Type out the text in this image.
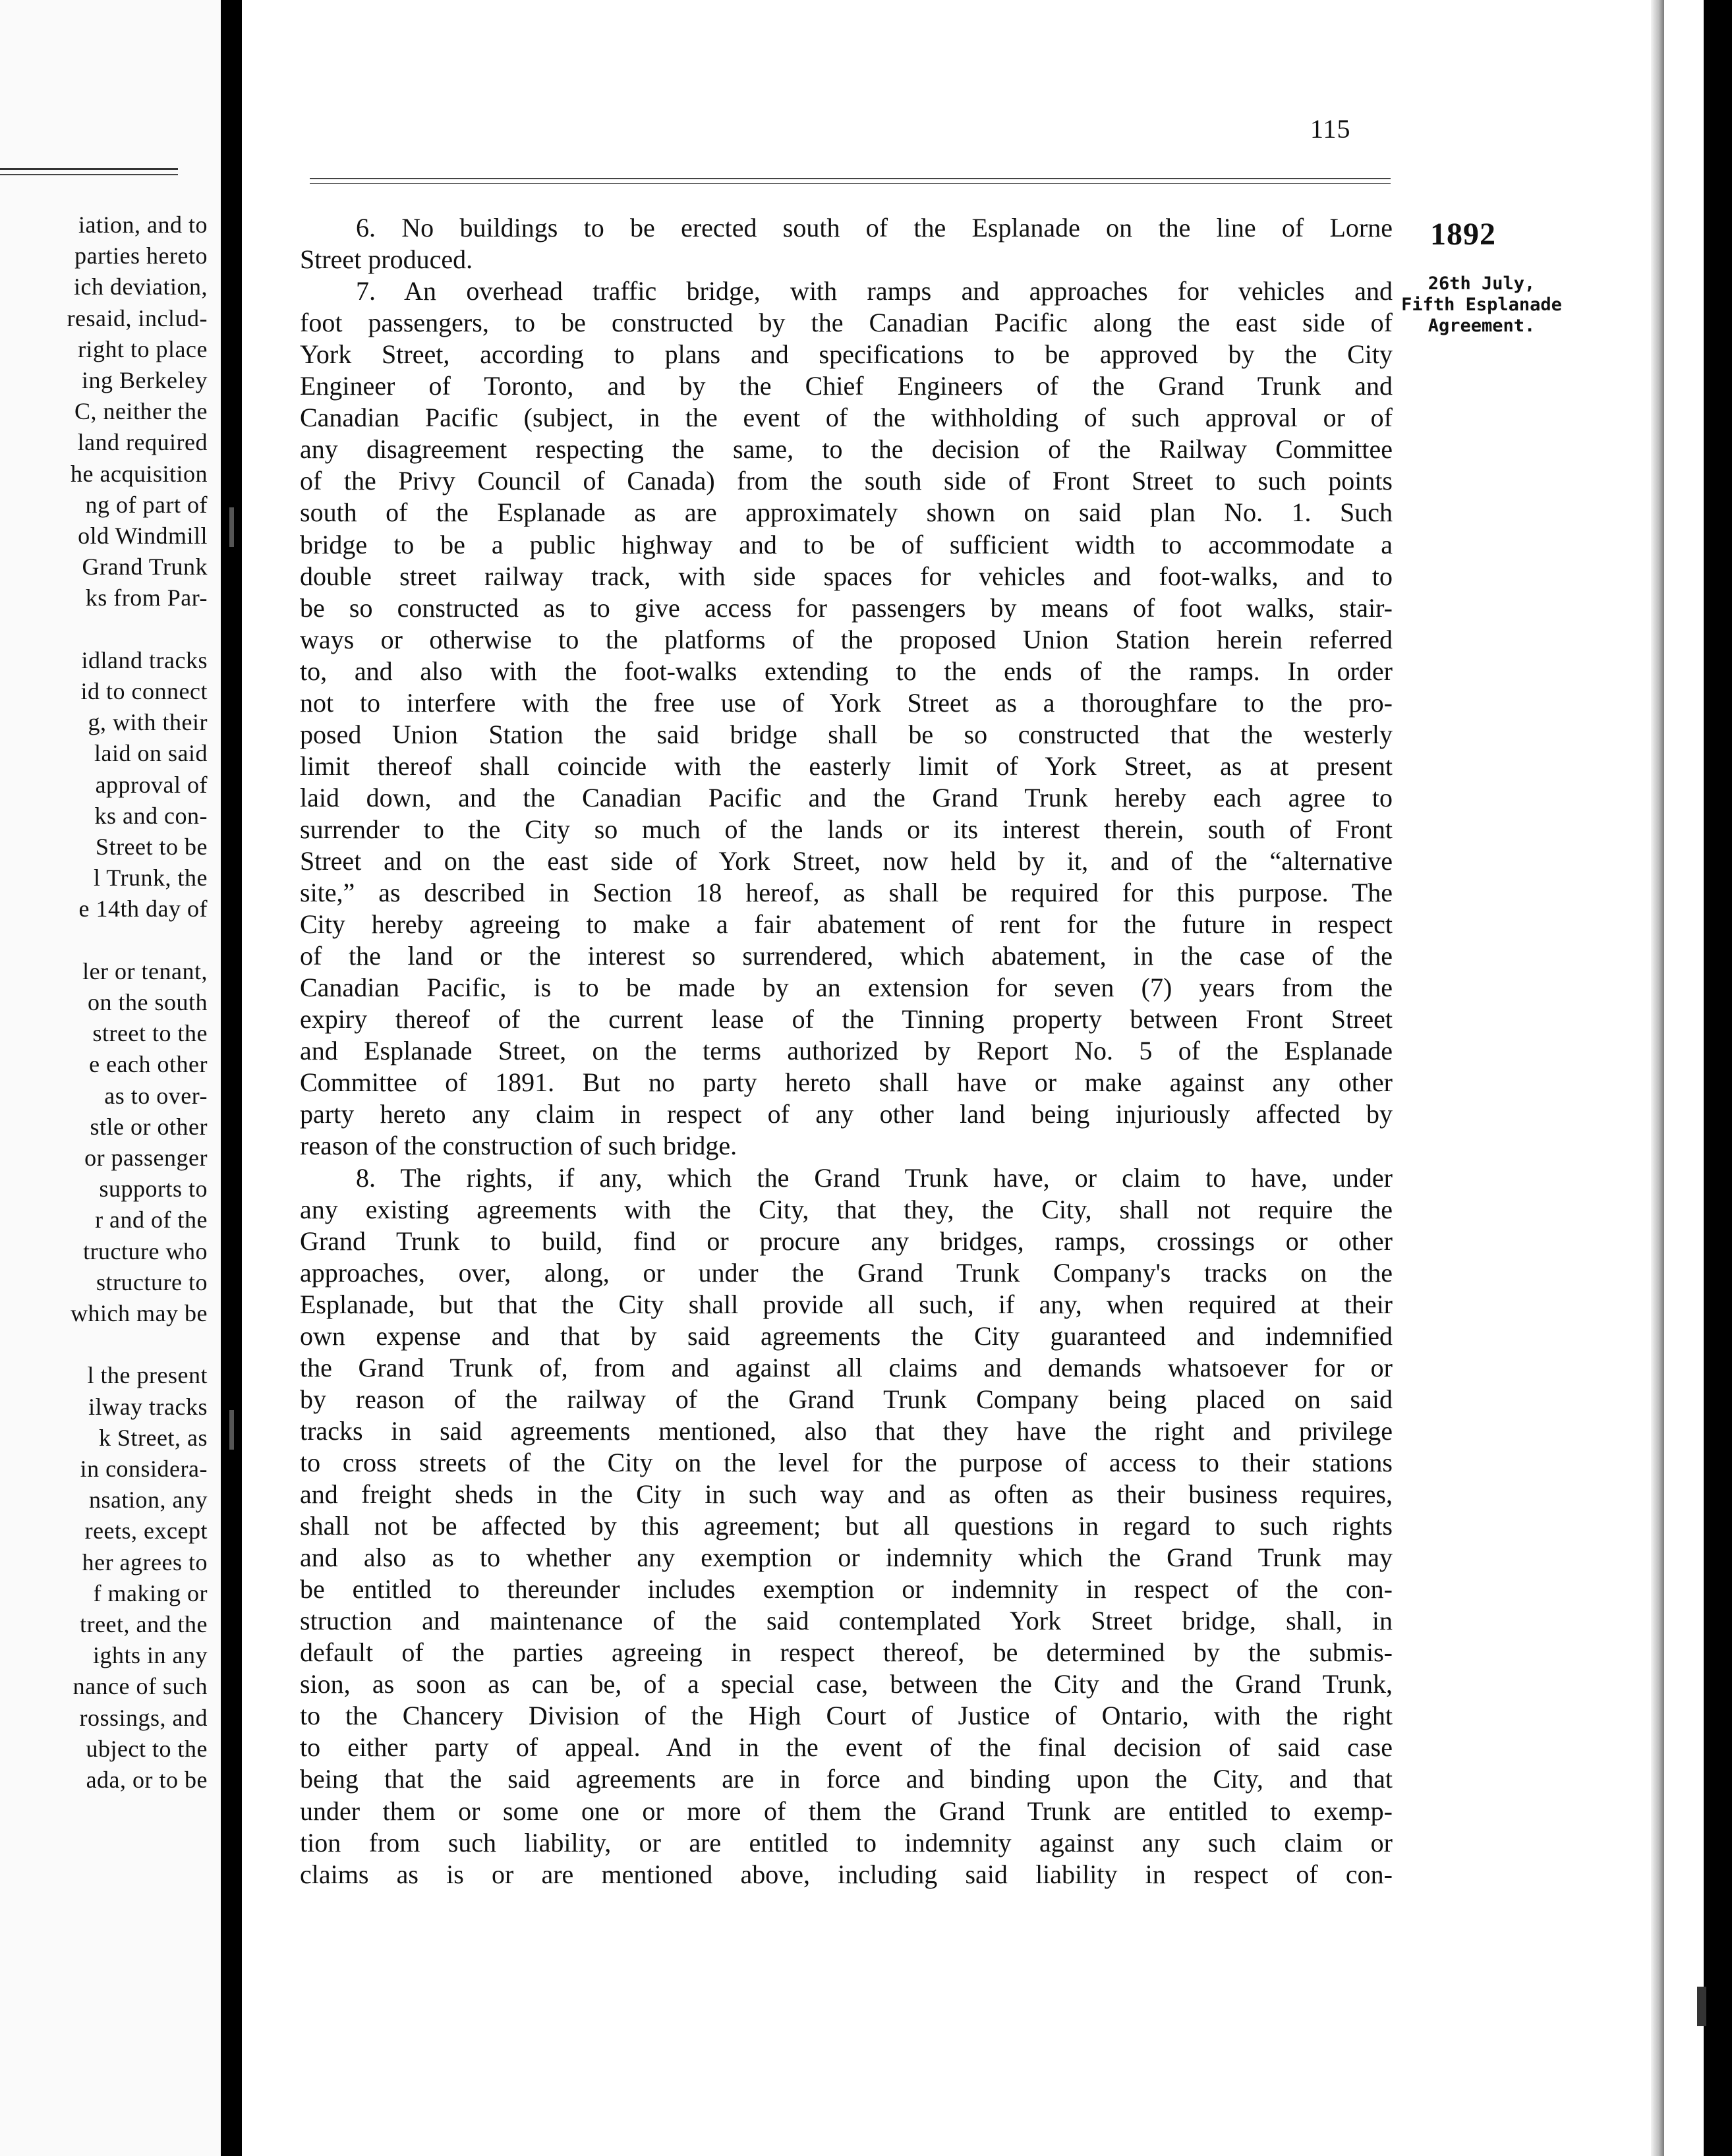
iation, and to
parties hereto
ich deviation,
resaid, includ-
right to place
ing Berkeley
C, neither the
land required
he acquisition
ng of part of
old Windmill
Grand Trunk
ks from Par-
idland tracks
id to connect
g, with their
laid on said
approval of
ks and con-
Street to be
l Trunk, the
e 14th day of
ler or tenant,
on the south
street to the
e each other
as to over-
stle or other
or passenger
supports to
r and of the
tructure who
structure to
which may be
l the present
ilway tracks
k Street, as
in considera-
nsation, any
reets, except
her agrees to
f making or
treet, and the
ights in any
nance of such
rossings, and
ubject to the
ada, or to be
115
1892
26th July,
Fifth Esplanade
Agreement.
6. No buildings to be erected south of the Esplanade on the line of Lorne
Street produced.
7. An overhead traffic bridge, with ramps and approaches for vehicles and
foot passengers, to be constructed by the Canadian Pacific along the east side of
York Street, according to plans and specifications to be approved by the City
Engineer of Toronto, and by the Chief Engineers of the Grand Trunk and
Canadian Pacific (subject, in the event of the withholding of such approval or of
any disagreement respecting the same, to the decision of the Railway Committee
of the Privy Council of Canada) from the south side of Front Street to such points
south of the Esplanade as are approximately shown on said plan No. 1. Such
bridge to be a public highway and to be of sufficient width to accommodate a
double street railway track, with side spaces for vehicles and foot-walks, and to
be so constructed as to give access for passengers by means of foot walks, stair-
ways or otherwise to the platforms of the proposed Union Station herein referred
to, and also with the foot-walks extending to the ends of the ramps. In order
not to interfere with the free use of York Street as a thoroughfare to the pro-
posed Union Station the said bridge shall be so constructed that the westerly
limit thereof shall coincide with the easterly limit of York Street, as at present
laid down, and the Canadian Pacific and the Grand Trunk hereby each agree to
surrender to the City so much of the lands or its interest therein, south of Front
Street and on the east side of York Street, now held by it, and of the “alternative
site,” as described in Section 18 hereof, as shall be required for this purpose. The
City hereby agreeing to make a fair abatement of rent for the future in respect
of the land or the interest so surrendered, which abatement, in the case of the
Canadian Pacific, is to be made by an extension for seven (7) years from the
expiry thereof of the current lease of the Tinning property between Front Street
and Esplanade Street, on the terms authorized by Report No. 5 of the Esplanade
Committee of 1891. But no party hereto shall have or make against any other
party hereto any claim in respect of any other land being injuriously affected by
reason of the construction of such bridge.
8. The rights, if any, which the Grand Trunk have, or claim to have, under
any existing agreements with the City, that they, the City, shall not require the
Grand Trunk to build, find or procure any bridges, ramps, crossings or other
approaches, over, along, or under the Grand Trunk Company's tracks on the
Esplanade, but that the City shall provide all such, if any, when required at their
own expense and that by said agreements the City guaranteed and indemnified
the Grand Trunk of, from and against all claims and demands whatsoever for or
by reason of the railway of the Grand Trunk Company being placed on said
tracks in said agreements mentioned, also that they have the right and privilege
to cross streets of the City on the level for the purpose of access to their stations
and freight sheds in the City in such way and as often as their business requires,
shall not be affected by this agreement; but all questions in regard to such rights
and also as to whether any exemption or indemnity which the Grand Trunk may
be entitled to thereunder includes exemption or indemnity in respect of the con-
struction and maintenance of the said contemplated York Street bridge, shall, in
default of the parties agreeing in respect thereof, be determined by the submis-
sion, as soon as can be, of a special case, between the City and the Grand Trunk,
to the Chancery Division of the High Court of Justice of Ontario, with the right
to either party of appeal. And in the event of the final decision of said case
being that the said agreements are in force and binding upon the City, and that
under them or some one or more of them the Grand Trunk are entitled to exemp-
tion from such liability, or are entitled to indemnity against any such claim or
claims as is or are mentioned above, including said liability in respect of con-
